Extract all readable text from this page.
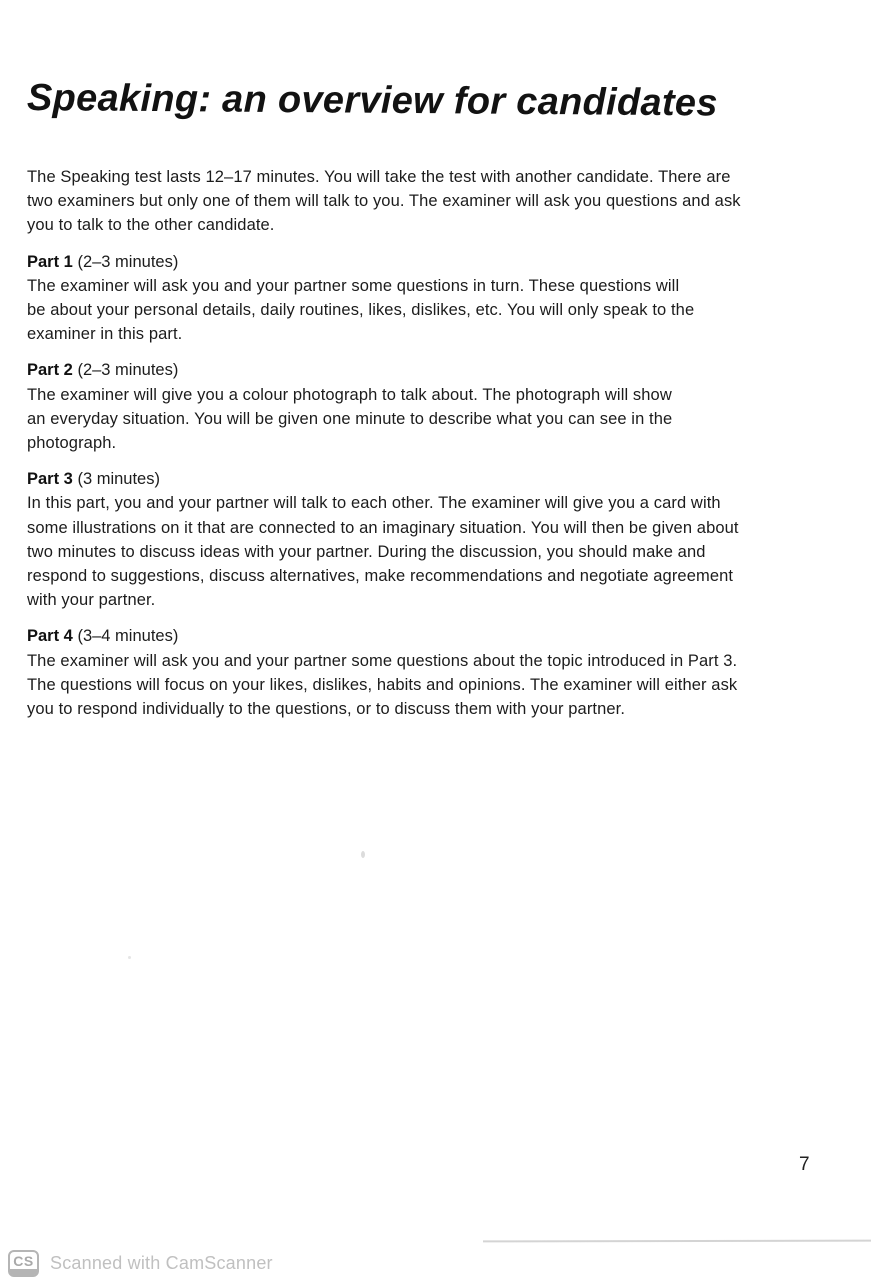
Speaking: an overview for candidates
The Speaking test lasts 12–17 minutes. You will take the test with another candidate. There are
two examiners but only one of them will talk to you. The examiner will ask you questions and ask
you to talk to the other candidate.
Part 1 (2–3 minutes)
The examiner will ask you and your partner some questions in turn. These questions will
be about your personal details, daily routines, likes, dislikes, etc. You will only speak to the
examiner in this part.
Part 2 (2–3 minutes)
The examiner will give you a colour photograph to talk about. The photograph will show
an everyday situation. You will be given one minute to describe what you can see in the
photograph.
Part 3 (3 minutes)
In this part, you and your partner will talk to each other. The examiner will give you a card with
some illustrations on it that are connected to an imaginary situation. You will then be given about
two minutes to discuss ideas with your partner. During the discussion, you should make and
respond to suggestions, discuss alternatives, make recommendations and negotiate agreement
with your partner.
Part 4 (3–4 minutes)
The examiner will ask you and your partner some questions about the topic introduced in Part 3.
The questions will focus on your likes, dislikes, habits and opinions. The examiner will either ask
you to respond individually to the questions, or to discuss them with your partner.
7
CS Scanned with CamScanner
